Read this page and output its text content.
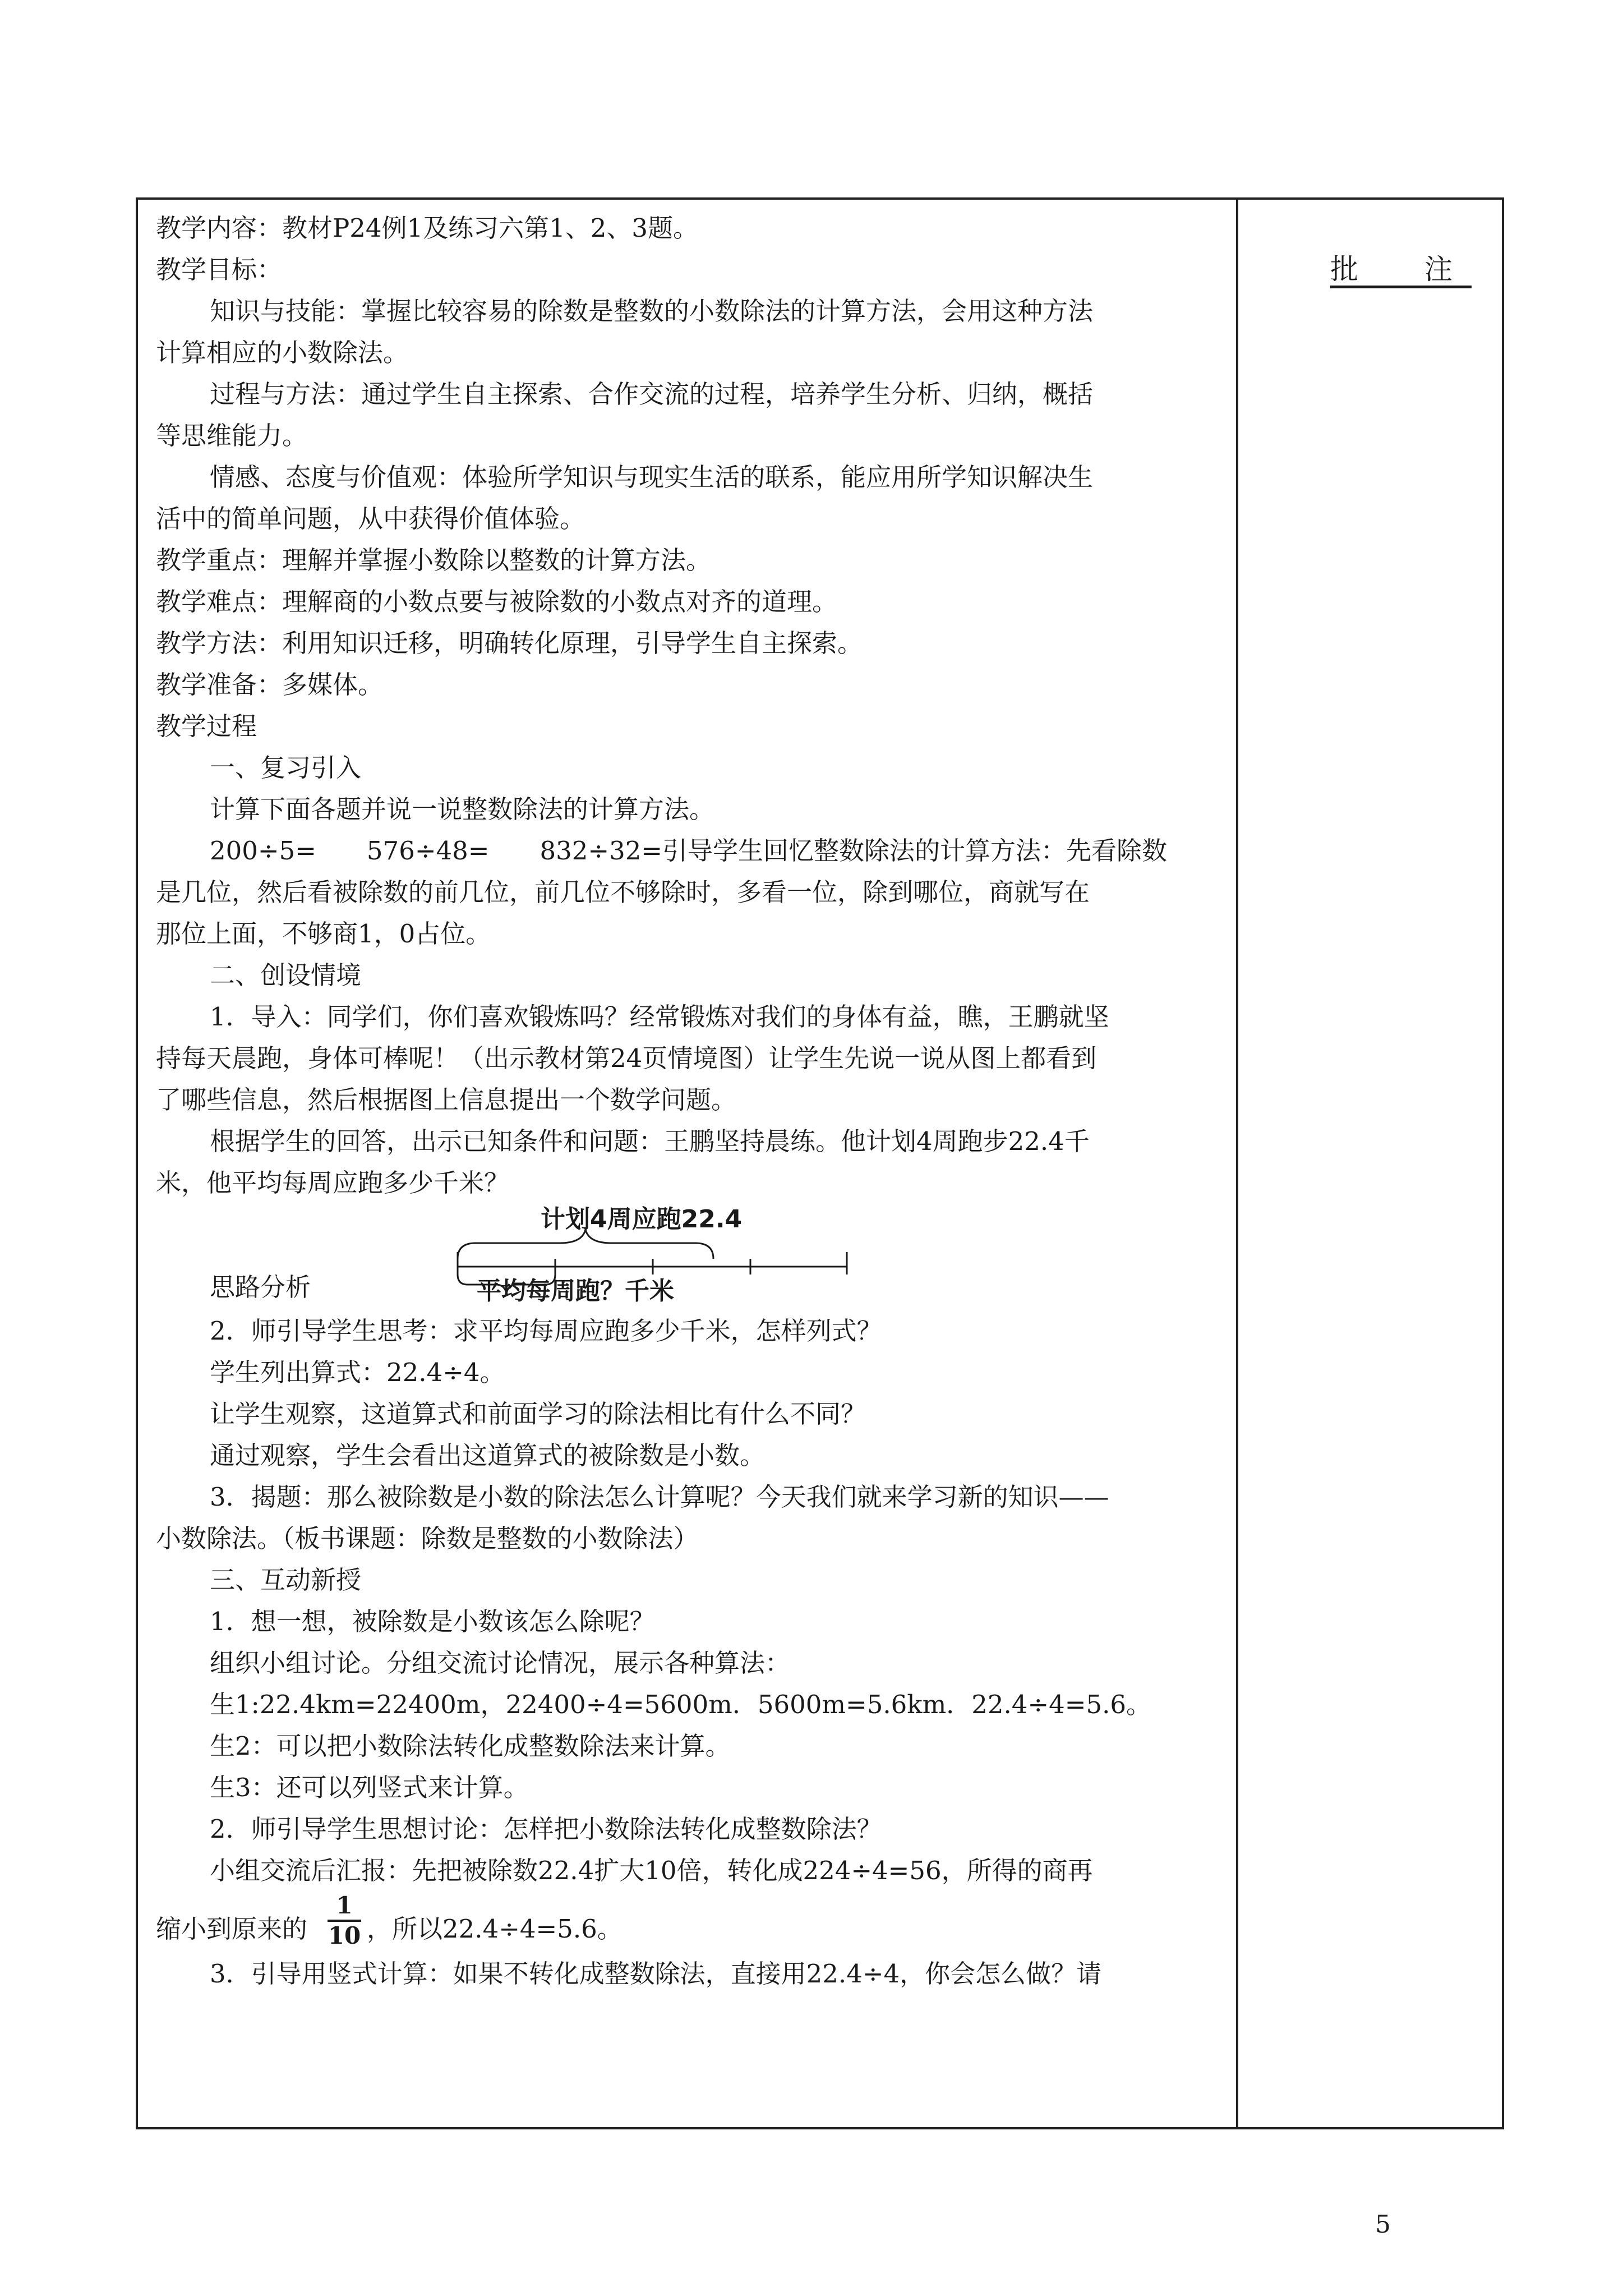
批　注
教学内容：教材P24例1及练习六第1、2、3题。
教学目标：
知识与技能：掌握比较容易的除数是整数的小数除法的计算方法，会用这种方法
计算相应的小数除法。
过程与方法：通过学生自主探索、合作交流的过程，培养学生分析、归纳，概括
等思维能力。
情感、态度与价值观：体验所学知识与现实生活的联系，能应用所学知识解决生
活中的简单问题，从中获得价值体验。
教学重点：理解并掌握小数除以整数的计算方法。
教学难点：理解商的小数点要与被除数的小数点对齐的道理。
教学方法：利用知识迁移，明确转化原理，引导学生自主探索。
教学准备：多媒体。
教学过程
一、复习引入
计算下面各题并说一说整数除法的计算方法。
200÷5=　　576÷48=　　832÷32=引导学生回忆整数除法的计算方法：先看除数
是几位，然后看被除数的前几位，前几位不够除时，多看一位，除到哪位，商就写在
那位上面，不够商1，0占位。
二、创设情境
1．导入：同学们，你们喜欢锻炼吗？经常锻炼对我们的身体有益，瞧，王鹏就坚
持每天晨跑，身体可棒呢！（出示教材第24页情境图）让学生先说一说从图上都看到
了哪些信息，然后根据图上信息提出一个数学问题。
根据学生的回答，出示已知条件和问题：王鹏坚持晨练。他计划4周跑步22.4千
米，他平均每周应跑多少千米？
计划4周应跑22.4
思路分析	平均每周跑？千米
2．师引导学生思考：求平均每周应跑多少千米，怎样列式？
学生列出算式：22.4÷4。
让学生观察，这道算式和前面学习的除法相比有什么不同？
通过观察，学生会看出这道算式的被除数是小数。
3．揭题：那么被除数是小数的除法怎么计算呢？今天我们就来学习新的知识——
小数除法。（板书课题：除数是整数的小数除法）
三、互动新授
1．想一想，被除数是小数该怎么除呢？
组织小组讨论。分组交流讨论情况，展示各种算法：
生1:22.4km=22400m，22400÷4=5600m．5600m=5.6km．22.4÷4=5.6。
生2：可以把小数除法转化成整数除法来计算。
生3：还可以列竖式来计算。
2．师引导学生思想讨论：怎样把小数除法转化成整数除法？
小组交流后汇报：先把被除数22.4扩大10倍，转化成224÷4=56，所得的商再
缩小到原来的 $\frac{1}{10}$ ，所以22.4÷4=5.6。
3．引导用竖式计算：如果不转化成整数除法，直接用22.4÷4，你会怎么做？请
5
